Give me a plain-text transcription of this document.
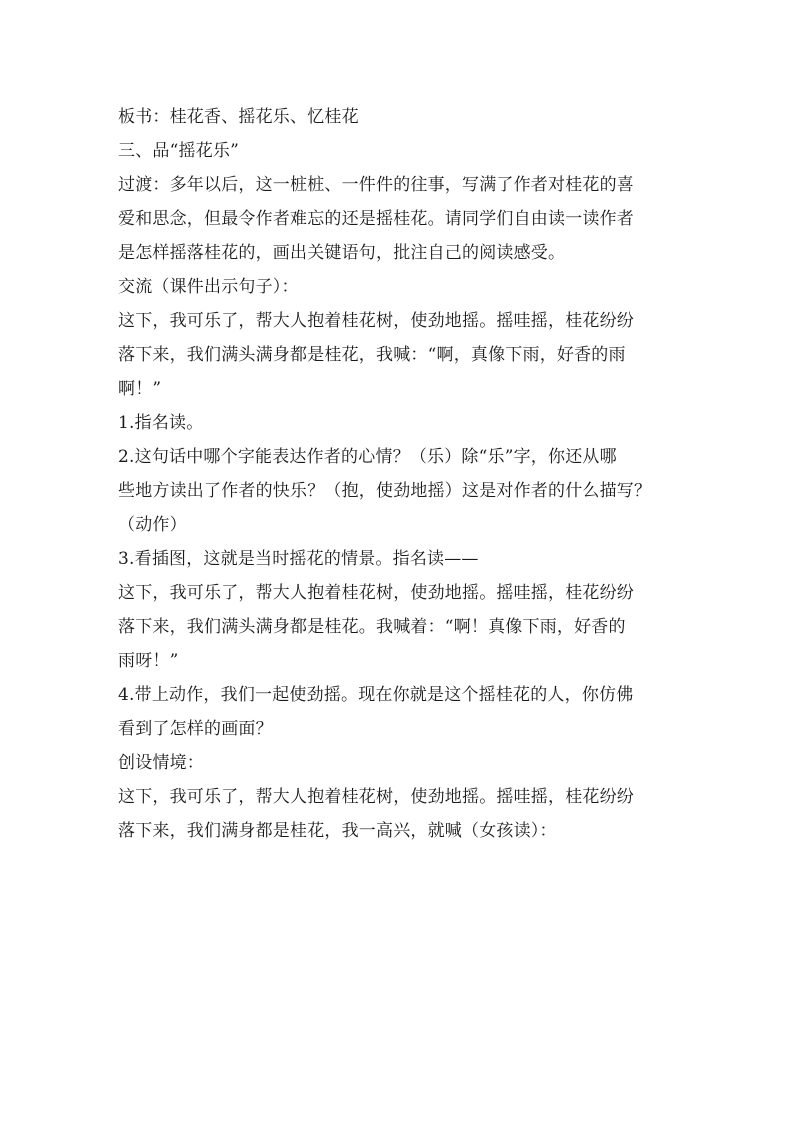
板书：桂花香、摇花乐、忆桂花
三、品“摇花乐”
过渡：多年以后，这一桩桩、一件件的往事，写满了作者对桂花的喜
爱和思念，但最令作者难忘的还是摇桂花。请同学们自由读一读作者
是怎样摇落桂花的，画出关键语句，批注自己的阅读感受。
交流（课件出示句子）：
这下，我可乐了，帮大人抱着桂花树，使劲地摇。摇哇摇，桂花纷纷
落下来，我们满头满身都是桂花，我喊：“啊，真像下雨，好香的雨
啊！”
1.指名读。
2.这句话中哪个字能表达作者的心情？（乐）除“乐”字，你还从哪
些地方读出了作者的快乐？（抱，使劲地摇）这是对作者的什么描写？
（动作）
3.看插图，这就是当时摇花的情景。指名读——
这下，我可乐了，帮大人抱着桂花树，使劲地摇。摇哇摇，桂花纷纷
落下来，我们满头满身都是桂花。我喊着：“啊！真像下雨，好香的
雨呀！”
4.带上动作，我们一起使劲摇。现在你就是这个摇桂花的人，你仿佛
看到了怎样的画面？
创设情境：
这下，我可乐了，帮大人抱着桂花树，使劲地摇。摇哇摇，桂花纷纷
落下来，我们满身都是桂花，我一高兴，就喊（女孩读）：
